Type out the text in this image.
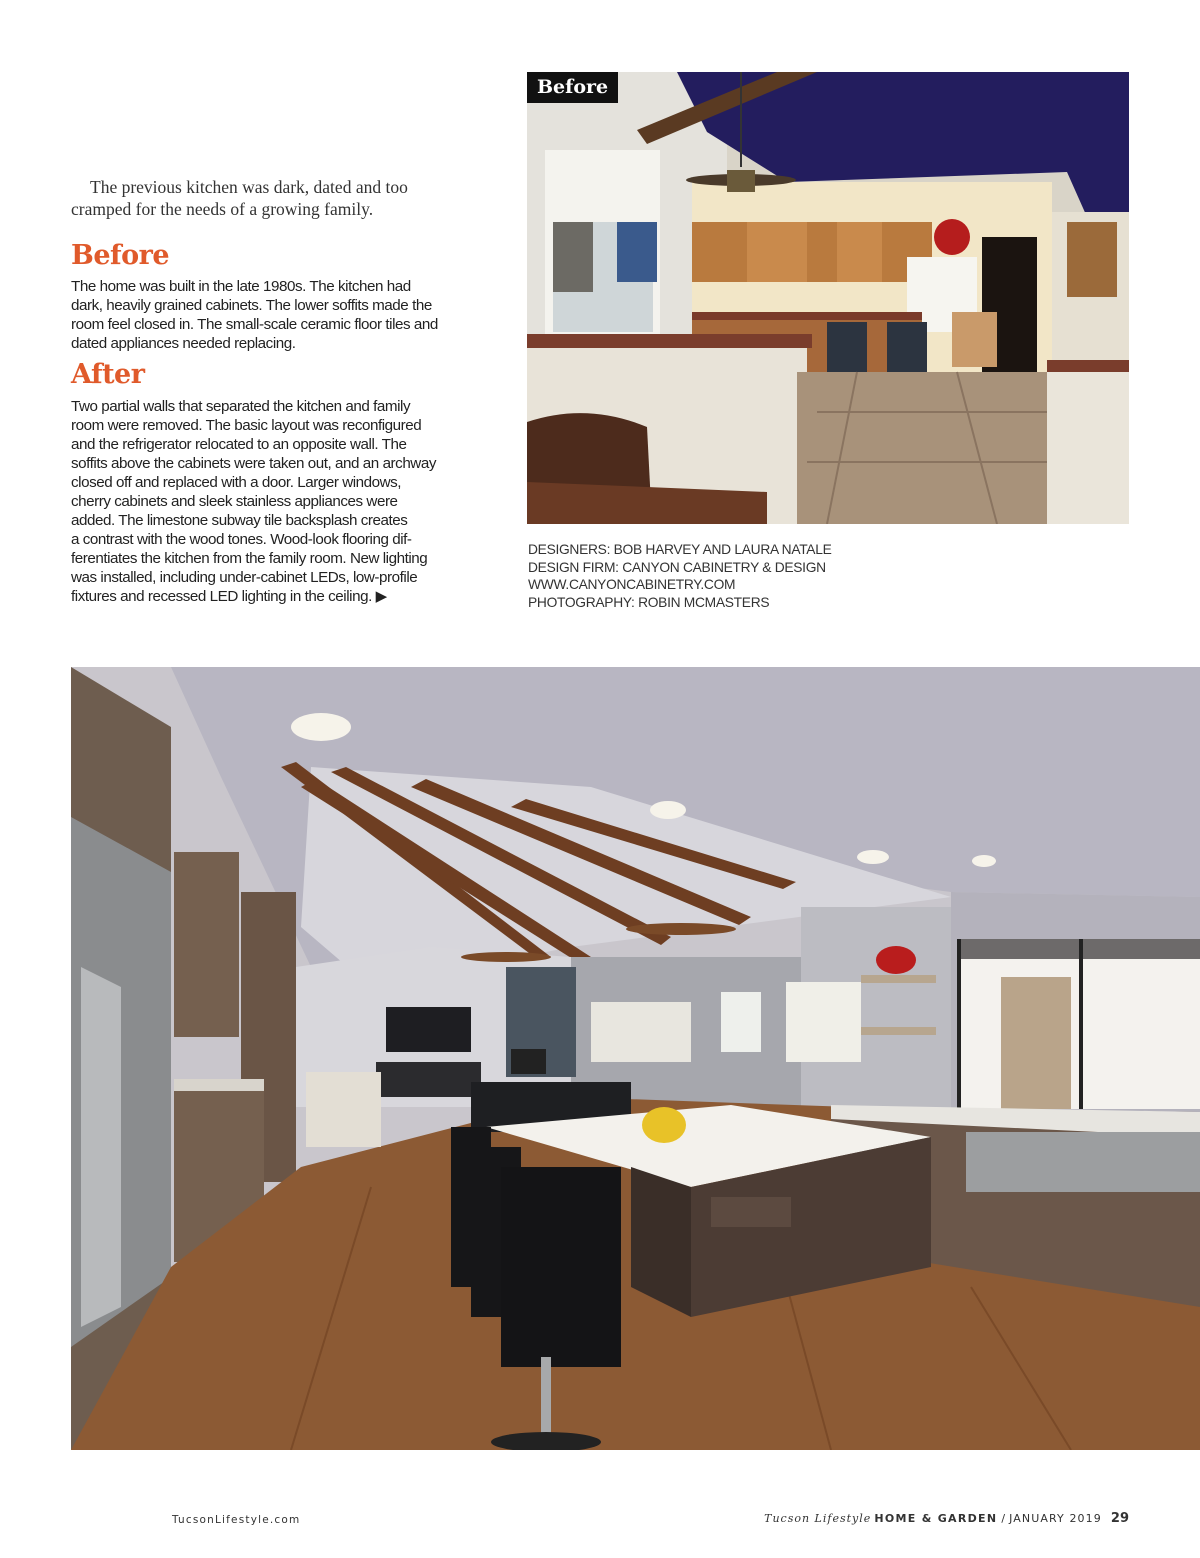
The previous kitchen was dark, dated and too cramped for the needs of a growing family.

Before
The home was built in the late 1980s. The kitchen had
dark, heavily grained cabinets. The lower soffits made the
room feel closed in. The small-scale ceramic floor tiles and
dated appliances needed replacing.
After
Two partial walls that separated the kitchen and family
room were removed. The basic layout was reconfigured
and the refrigerator relocated to an opposite wall. The
soffits above the cabinets were taken out, and an archway
closed off and replaced with a door. Larger windows,
cherry cabinets and sleek stainless appliances were
added. The limestone subway tile backsplash creates
a contrast with the wood tones. Wood-look flooring dif-
ferentiates the kitchen from the family room. New lighting
was installed, including under-cabinet LEDs, low-profile
fixtures and recessed LED lighting in the ceiling. ▶
Before
DESIGNERS: BOB HARVEY AND LAURA NATALE
DESIGN FIRM: CANYON CABINETRY & DESIGN
WWW.CANYONCABINETRY.COM
PHOTOGRAPHY: ROBIN MCMASTERS
TucsonLifestyle.com	Tucson Lifestyle HOME & GARDEN / JANUARY 2019 29
